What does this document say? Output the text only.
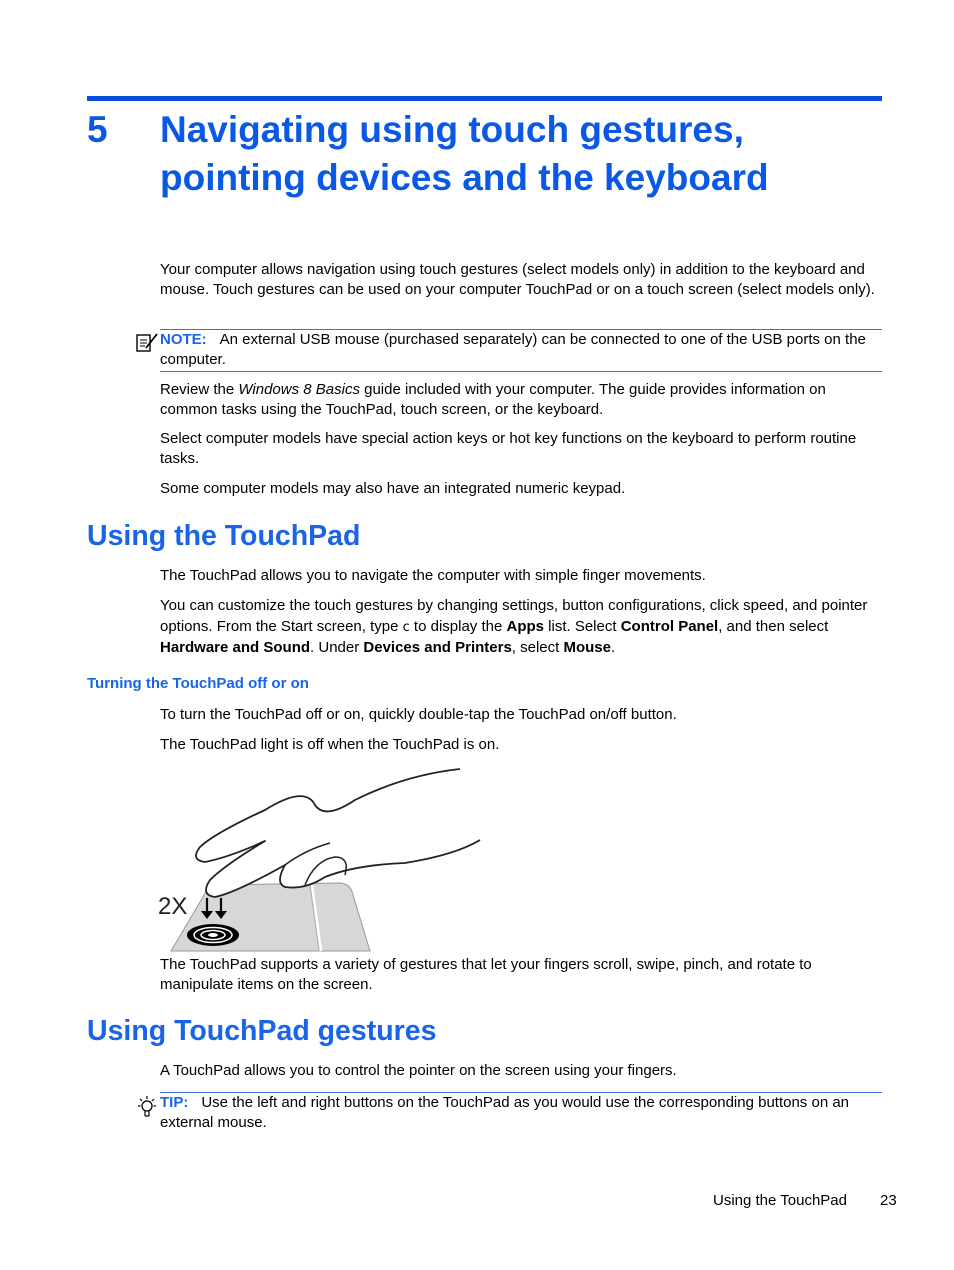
5 Navigating using touch gestures,
pointing devices and the keyboard
Your computer allows navigation using touch gestures (select models only) in addition to the keyboard and mouse. Touch gestures can be used on your computer TouchPad or on a touch screen (select models only).
NOTE: An external USB mouse (purchased separately) can be connected to one of the USB ports on the computer.
Review the Windows 8 Basics guide included with your computer. The guide provides information on common tasks using the TouchPad, touch screen, or the keyboard.
Select computer models have special action keys or hot key functions on the keyboard to perform routine tasks.
Some computer models may also have an integrated numeric keypad.
Using the TouchPad
The TouchPad allows you to navigate the computer with simple finger movements.
You can customize the touch gestures by changing settings, button configurations, click speed, and pointer options. From the Start screen, type c to display the Apps list. Select Control Panel, and then select Hardware and Sound. Under Devices and Printers, select Mouse.
Turning the TouchPad off or on
To turn the TouchPad off or on, quickly double-tap the TouchPad on/off button.
The TouchPad light is off when the TouchPad is on.
2X
The TouchPad supports a variety of gestures that let your fingers scroll, swipe, pinch, and rotate to manipulate items on the screen.
Using TouchPad gestures
A TouchPad allows you to control the pointer on the screen using your fingers.
TIP: Use the left and right buttons on the TouchPad as you would use the corresponding buttons on an external mouse.
Using the TouchPad 23
